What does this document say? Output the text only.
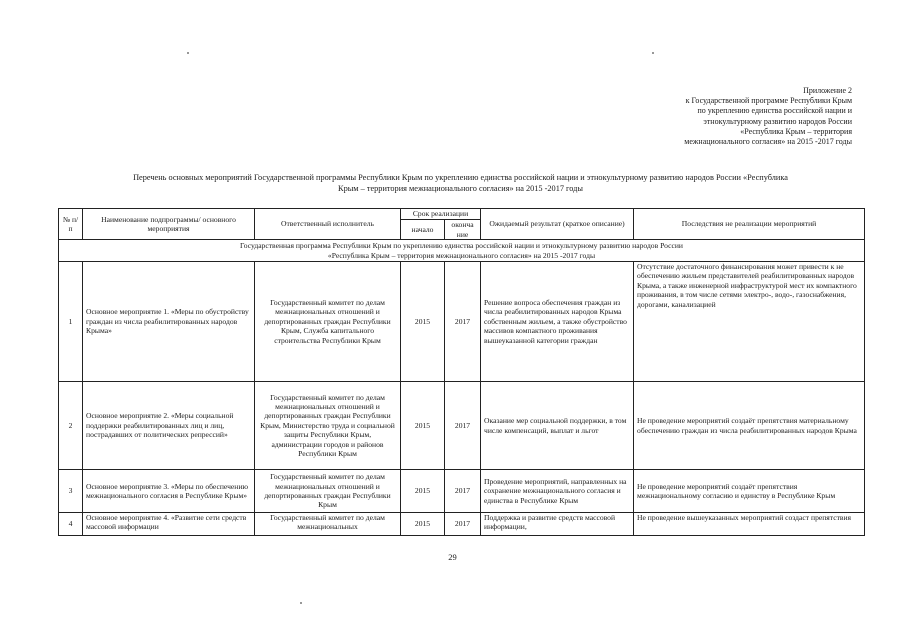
Приложение 2
к Государственной программе Республики Крым
по укреплению единства российской нации и
этнокультурному развитию народов России
«Республика Крым – территория
межнационального согласия» на 2015 -2017 годы
Перечень основных мероприятий Государственной программы Республики Крым по укреплению единства российской нации и этнокультурному развитию народов России «Республика
Крым – территория межнационального согласия» на 2015 -2017 годы
№ п/п	Наименование подпрограммы/ основного мероприятия	Ответственный исполнитель	Срок реализации		Ожидаемый результат (краткое описание)	Последствия не реализации мероприятий
			начало	оконча ние		

Государственная программа Республики Крым по укреплению единства российской нации и этнокультурному развитию народов России
«Республика Крым – территория межнационального согласия» на 2015 -2017 годы						

1	Основное мероприятие 1. «Меры по обустройству граждан из числа реабилитированных народов Крыма»	Государственный комитет по делам межнациональных отношений и депортированных граждан Республики Крым, Служба капитального строительства Республики Крым	2015	2017	Решение вопроса обеспечения граждан из числа реабилитированных народов Крыма собственным жильем, а также обустройство массивов компактного проживания вышеуказанной категории граждан	Отсутствие достаточного финансирования может привести к не обеспечению жильем представителей реабилитированных народов Крыма, а также инженерной инфраструктурой мест их компактного проживания, в том числе сетями электро-, водо-, газоснабжения, дорогами, канализацией
2	Основное мероприятие 2. «Меры социальной поддержки реабилитированных лиц и лиц, пострадавших от политических репрессий»	Государственный комитет по делам межнациональных отношений и депортированных граждан Республики Крым, Министерство труда и социальной защиты Республики Крым, администрации городов и районов Республики Крым	2015	2017	Оказание мер социальной поддержки, в том числе компенсаций, выплат и льгот	Не проведение мероприятий создаёт препятствия материальному обеспечению граждан из числа реабилитированных народов Крыма
3	Основное мероприятие 3. «Меры по обеспечению межнационального согласия в Республике Крым»	Государственный комитет по делам межнациональных отношений и депортированных граждан Республики Крым	2015	2017	Проведение мероприятий, направленных на сохранение межнационального согласия и единства в Республике Крым	Не проведение мероприятий создаёт препятствия межнациональному согласию и единству в Республике Крым
4	Основное мероприятие 4. «Развитие сети средств массовой информации	Государственный комитет по делам межнациональных	2015	2017	Поддержка и развитие средств массовой информации,	Не проведение вышеуказанных мероприятий создаст препятствия
29
